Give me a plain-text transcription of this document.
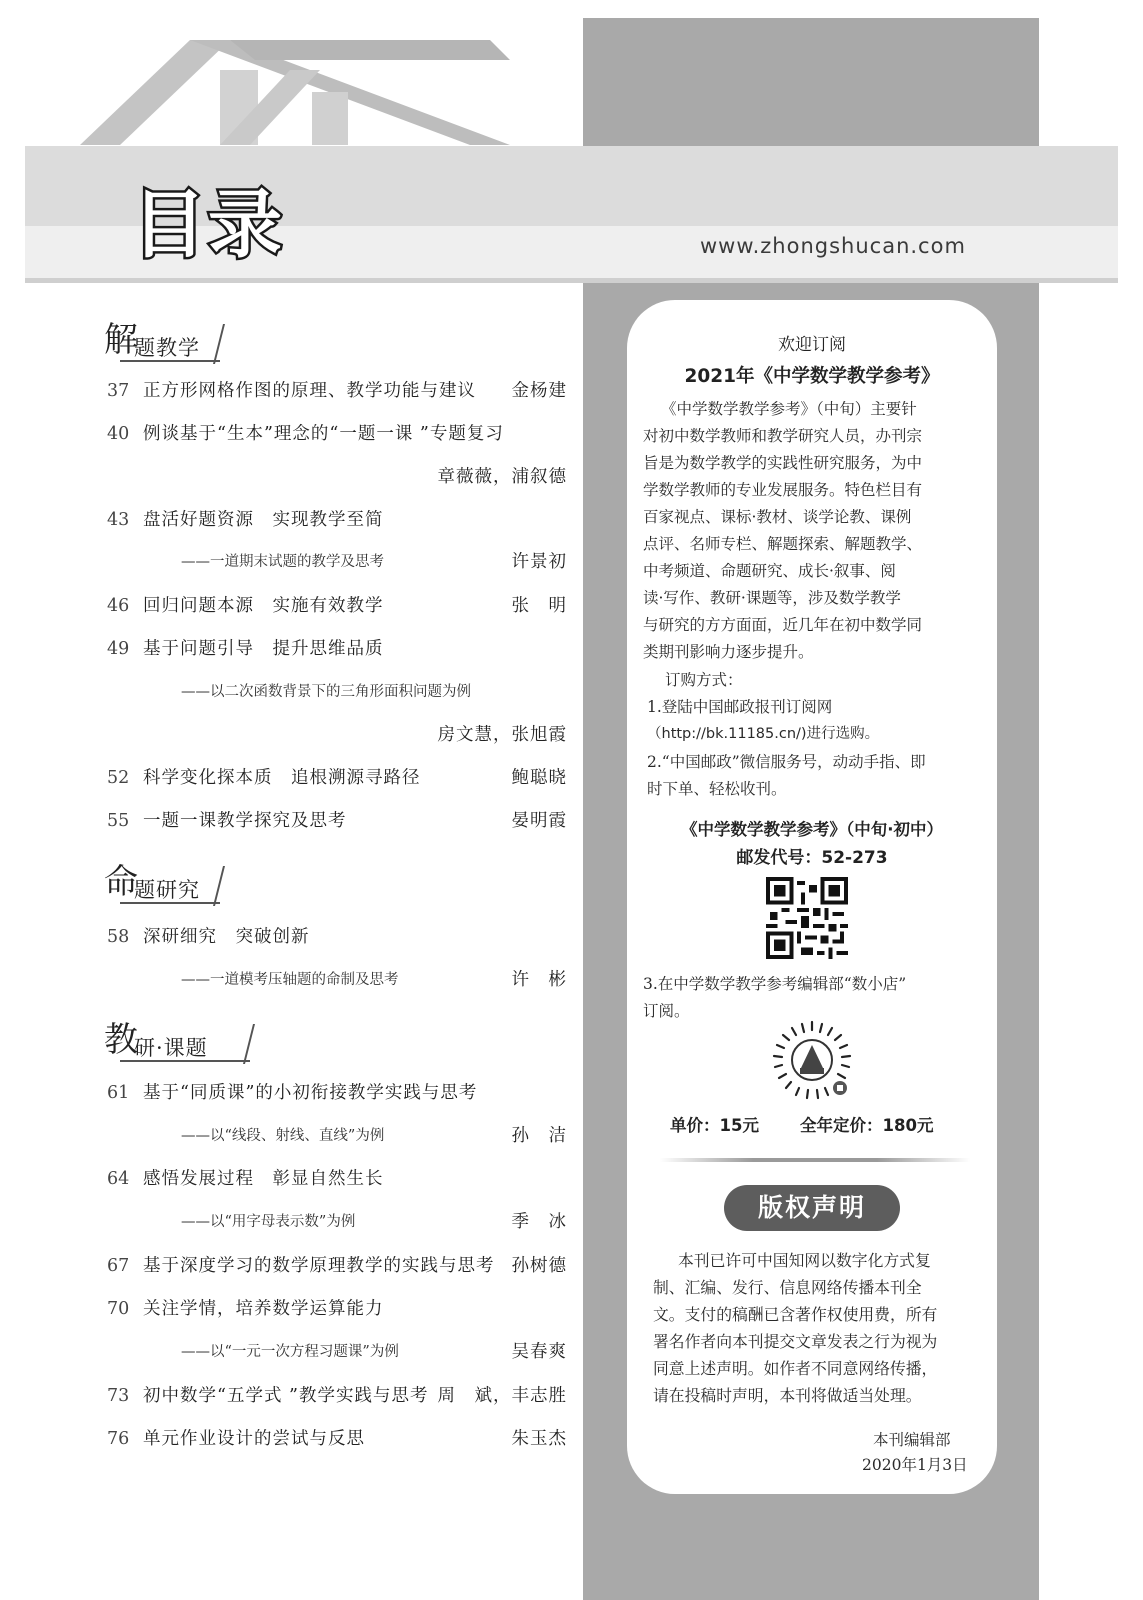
目录	www.zhongshucan.com
解
题教学
37 正方形网格作图的原理、教学功能与建议 金杨建
40 例谈基于“生本”理念的“一题一课 ”专题复习
章薇薇，浦叙德
43 盘活好题资源　实现教学至简
——一道期末试题的教学及思考	许景初
46 回归问题本源　实施有效教学	张　明
49 基于问题引导　提升思维品质
——以二次函数背景下的三角形面积问题为例
房文慧，张旭霞
52 科学变化探本质　追根溯源寻路径	鲍聪晓
55 一题一课教学探究及思考	晏明霞
命
题研究
58 深研细究　突破创新
——一道模考压轴题的命制及思考	许　彬
教
研·课题
61 基于“同质课”的小初衔接教学实践与思考
——以“线段、射线、直线”为例	孙　洁
64 感悟发展过程　彰显自然生长
——以“用字母表示数”为例	季　冰
67 基于深度学习的数学原理教学的实践与思考 孙树德
70 关注学情，培养数学运算能力
——以“一元一次方程习题课”为例	吴春爽
73 初中数学“五学式 ”教学实践与思考 周　斌，丰志胜
76 单元作业设计的尝试与反思	朱玉杰
欢迎订阅
2021年《中学数学教学参考》
《中学数学教学参考》（中旬）主要针
对初中数学教师和教学研究人员，办刊宗
旨是为数学教学的实践性研究服务，为中
学数学教师的专业发展服务。特色栏目有
百家视点、课标·教材、谈学论教、课例
点评、名师专栏、解题探索、解题教学、
中考频道、命题研究、成长·叙事、阅
读·写作、教研·课题等，涉及数学教学
与研究的方方面面，近几年在初中数学同
类期刊影响力逐步提升。
订购方式：
1.登陆中国邮政报刊订阅网
（http://bk.11185.cn/)进行选购。
2.“中国邮政”微信服务号，动动手指、即
时下单、轻松收刊。
《中学数学教学参考》（中旬·初中）
邮发代号：52-273
3.在中学数学教学参考编辑部“数小店”
订阅。
单价：15元 全年定价：180元
版权声明
本刊已许可中国知网以数字化方式复
制、汇编、发行、信息网络传播本刊全
文。支付的稿酬已含著作权使用费，所有
署名作者向本刊提交文章发表之行为视为
同意上述声明。如作者不同意网络传播，
请在投稿时声明，本刊将做适当处理。
本刊编辑部
2020年1月3日
